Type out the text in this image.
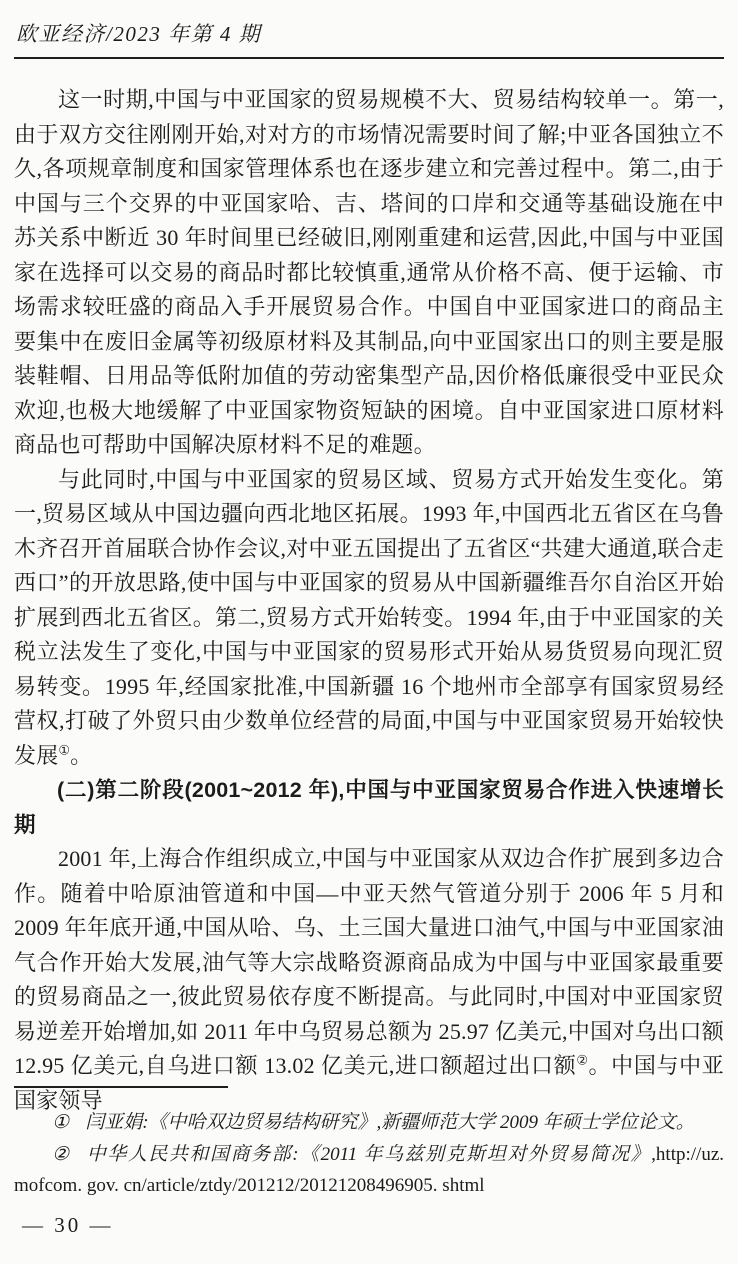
欧亚经济/2023 年第 4 期

这一时期,中国与中亚国家的贸易规模不大、贸易结构较单一。第一,由于双方交往刚刚开始,对对方的市场情况需要时间了解;中亚各国独立不久,各项规章制度和国家管理体系也在逐步建立和完善过程中。第二,由于中国与三个交界的中亚国家哈、吉、塔间的口岸和交通等基础设施在中苏关系中断近 30 年时间里已经破旧,刚刚重建和运营,因此,中国与中亚国家在选择可以交易的商品时都比较慎重,通常从价格不高、便于运输、市场需求较旺盛的商品入手开展贸易合作。中国自中亚国家进口的商品主要集中在废旧金属等初级原材料及其制品,向中亚国家出口的则主要是服装鞋帽、日用品等低附加值的劳动密集型产品,因价格低廉很受中亚民众欢迎,也极大地缓解了中亚国家物资短缺的困境。自中亚国家进口原材料商品也可帮助中国解决原材料不足的难题。

与此同时,中国与中亚国家的贸易区域、贸易方式开始发生变化。第一,贸易区域从中国边疆向西北地区拓展。1993 年,中国西北五省区在乌鲁木齐召开首届联合协作会议,对中亚五国提出了五省区“共建大通道,联合走西口”的开放思路,使中国与中亚国家的贸易从中国新疆维吾尔自治区开始扩展到西北五省区。第二,贸易方式开始转变。1994 年,由于中亚国家的关税立法发生了变化,中国与中亚国家的贸易形式开始从易货贸易向现汇贸易转变。1995 年,经国家批准,中国新疆 16 个地州市全部享有国家贸易经营权,打破了外贸只由少数单位经营的局面,中国与中亚国家贸易开始较快发展①。

(二)第二阶段(2001~2012 年),中国与中亚国家贸易合作进入快速增长期

2001 年,上海合作组织成立,中国与中亚国家从双边合作扩展到多边合作。随着中哈原油管道和中国—中亚天然气管道分别于 2006 年 5 月和 2009 年年底开通,中国从哈、乌、土三国大量进口油气,中国与中亚国家油气合作开始大发展,油气等大宗战略资源商品成为中国与中亚国家最重要的贸易商品之一,彼此贸易依存度不断提高。与此同时,中国对中亚国家贸易逆差开始增加,如 2011 年中乌贸易总额为 25.97 亿美元,中国对乌出口额 12.95 亿美元,自乌进口额 13.02 亿美元,进口额超过出口额②。中国与中亚国家领导

① 闫亚娟:《中哈双边贸易结构研究》,新疆师范大学 2009 年硕士学位论文。

② 中华人民共和国商务部:《2011 年乌兹别克斯坦对外贸易简况》,http://uz. mofcom. gov. cn/article/ztdy/201212/20121208496905. shtml

— 30 —
